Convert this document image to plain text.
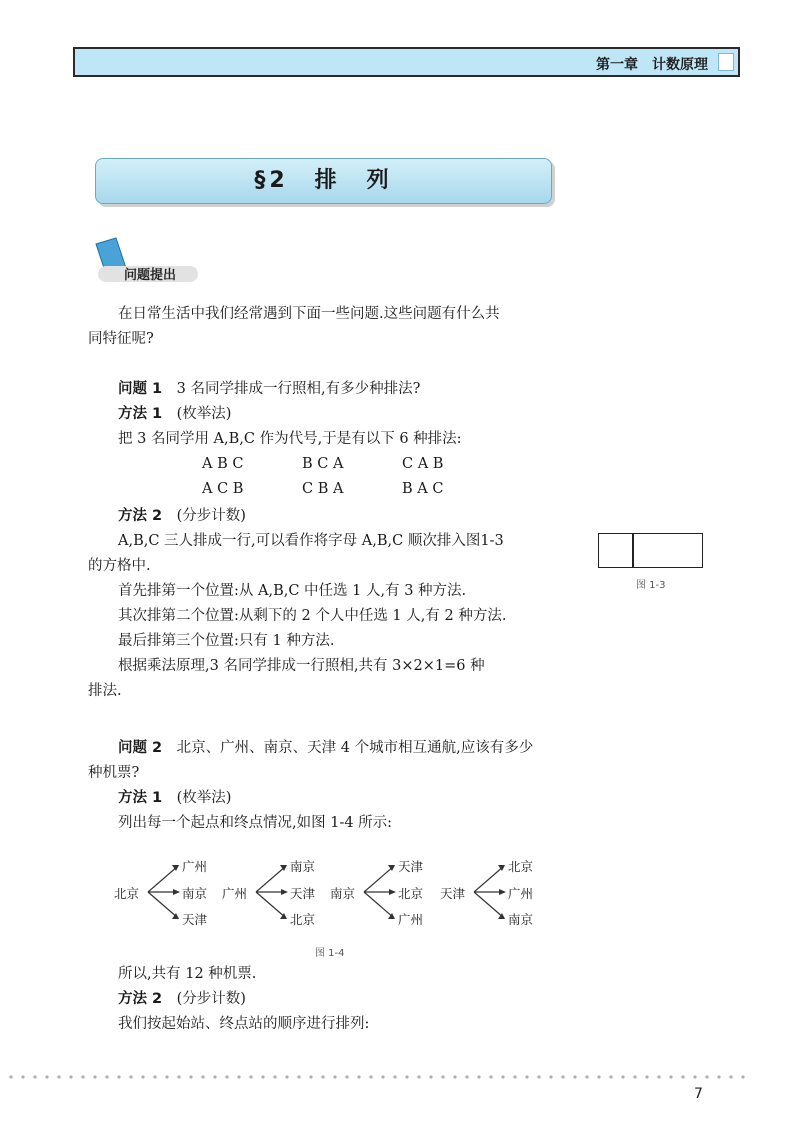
第一章　 计数原理
§2　 排　列
问题提出
在日常生活中我们经常遇到下面一些问题.这些问题有什么共
同特征呢?
问题 1　 3 名同学排成一行照相,有多少种排法?
方法 1　 (枚举法)
把 3 名同学用 A,B,C 作为代号,于是有以下 6 种排法:
A B C	B C A	C A B
A C B	C B A	B A C
方法 2　 (分步计数)
A,B,C 三人排成一行,可以看作将字母 A,B,C 顺次排入图1-3
的方格中.
首先排第一个位置:从 A,B,C 中任选 1 人,有 3 种方法.
其次排第二个位置:从剩下的 2 个人中任选 1 人,有 2 种方法.
最后排第三个位置:只有 1 种方法.
根据乘法原理,3 名同学排成一行照相,共有 3×2×1=6 种
排法.
图 1-3
问题 2　 北京、广州、南京、天津 4 个城市相互通航,应该有多少
种机票?
方法 1　 (枚举法)
列出每一个起点和终点情况,如图 1-4 所示:
北京
广州
南京
天津
广州
南京
天津
北京
南京
天津
北京
广州
天津
北京
广州
南京
图 1-4
所以,共有 12 种机票.
方法 2　 (分步计数)
我们按起始站、终点站的顺序进行排列:
7
